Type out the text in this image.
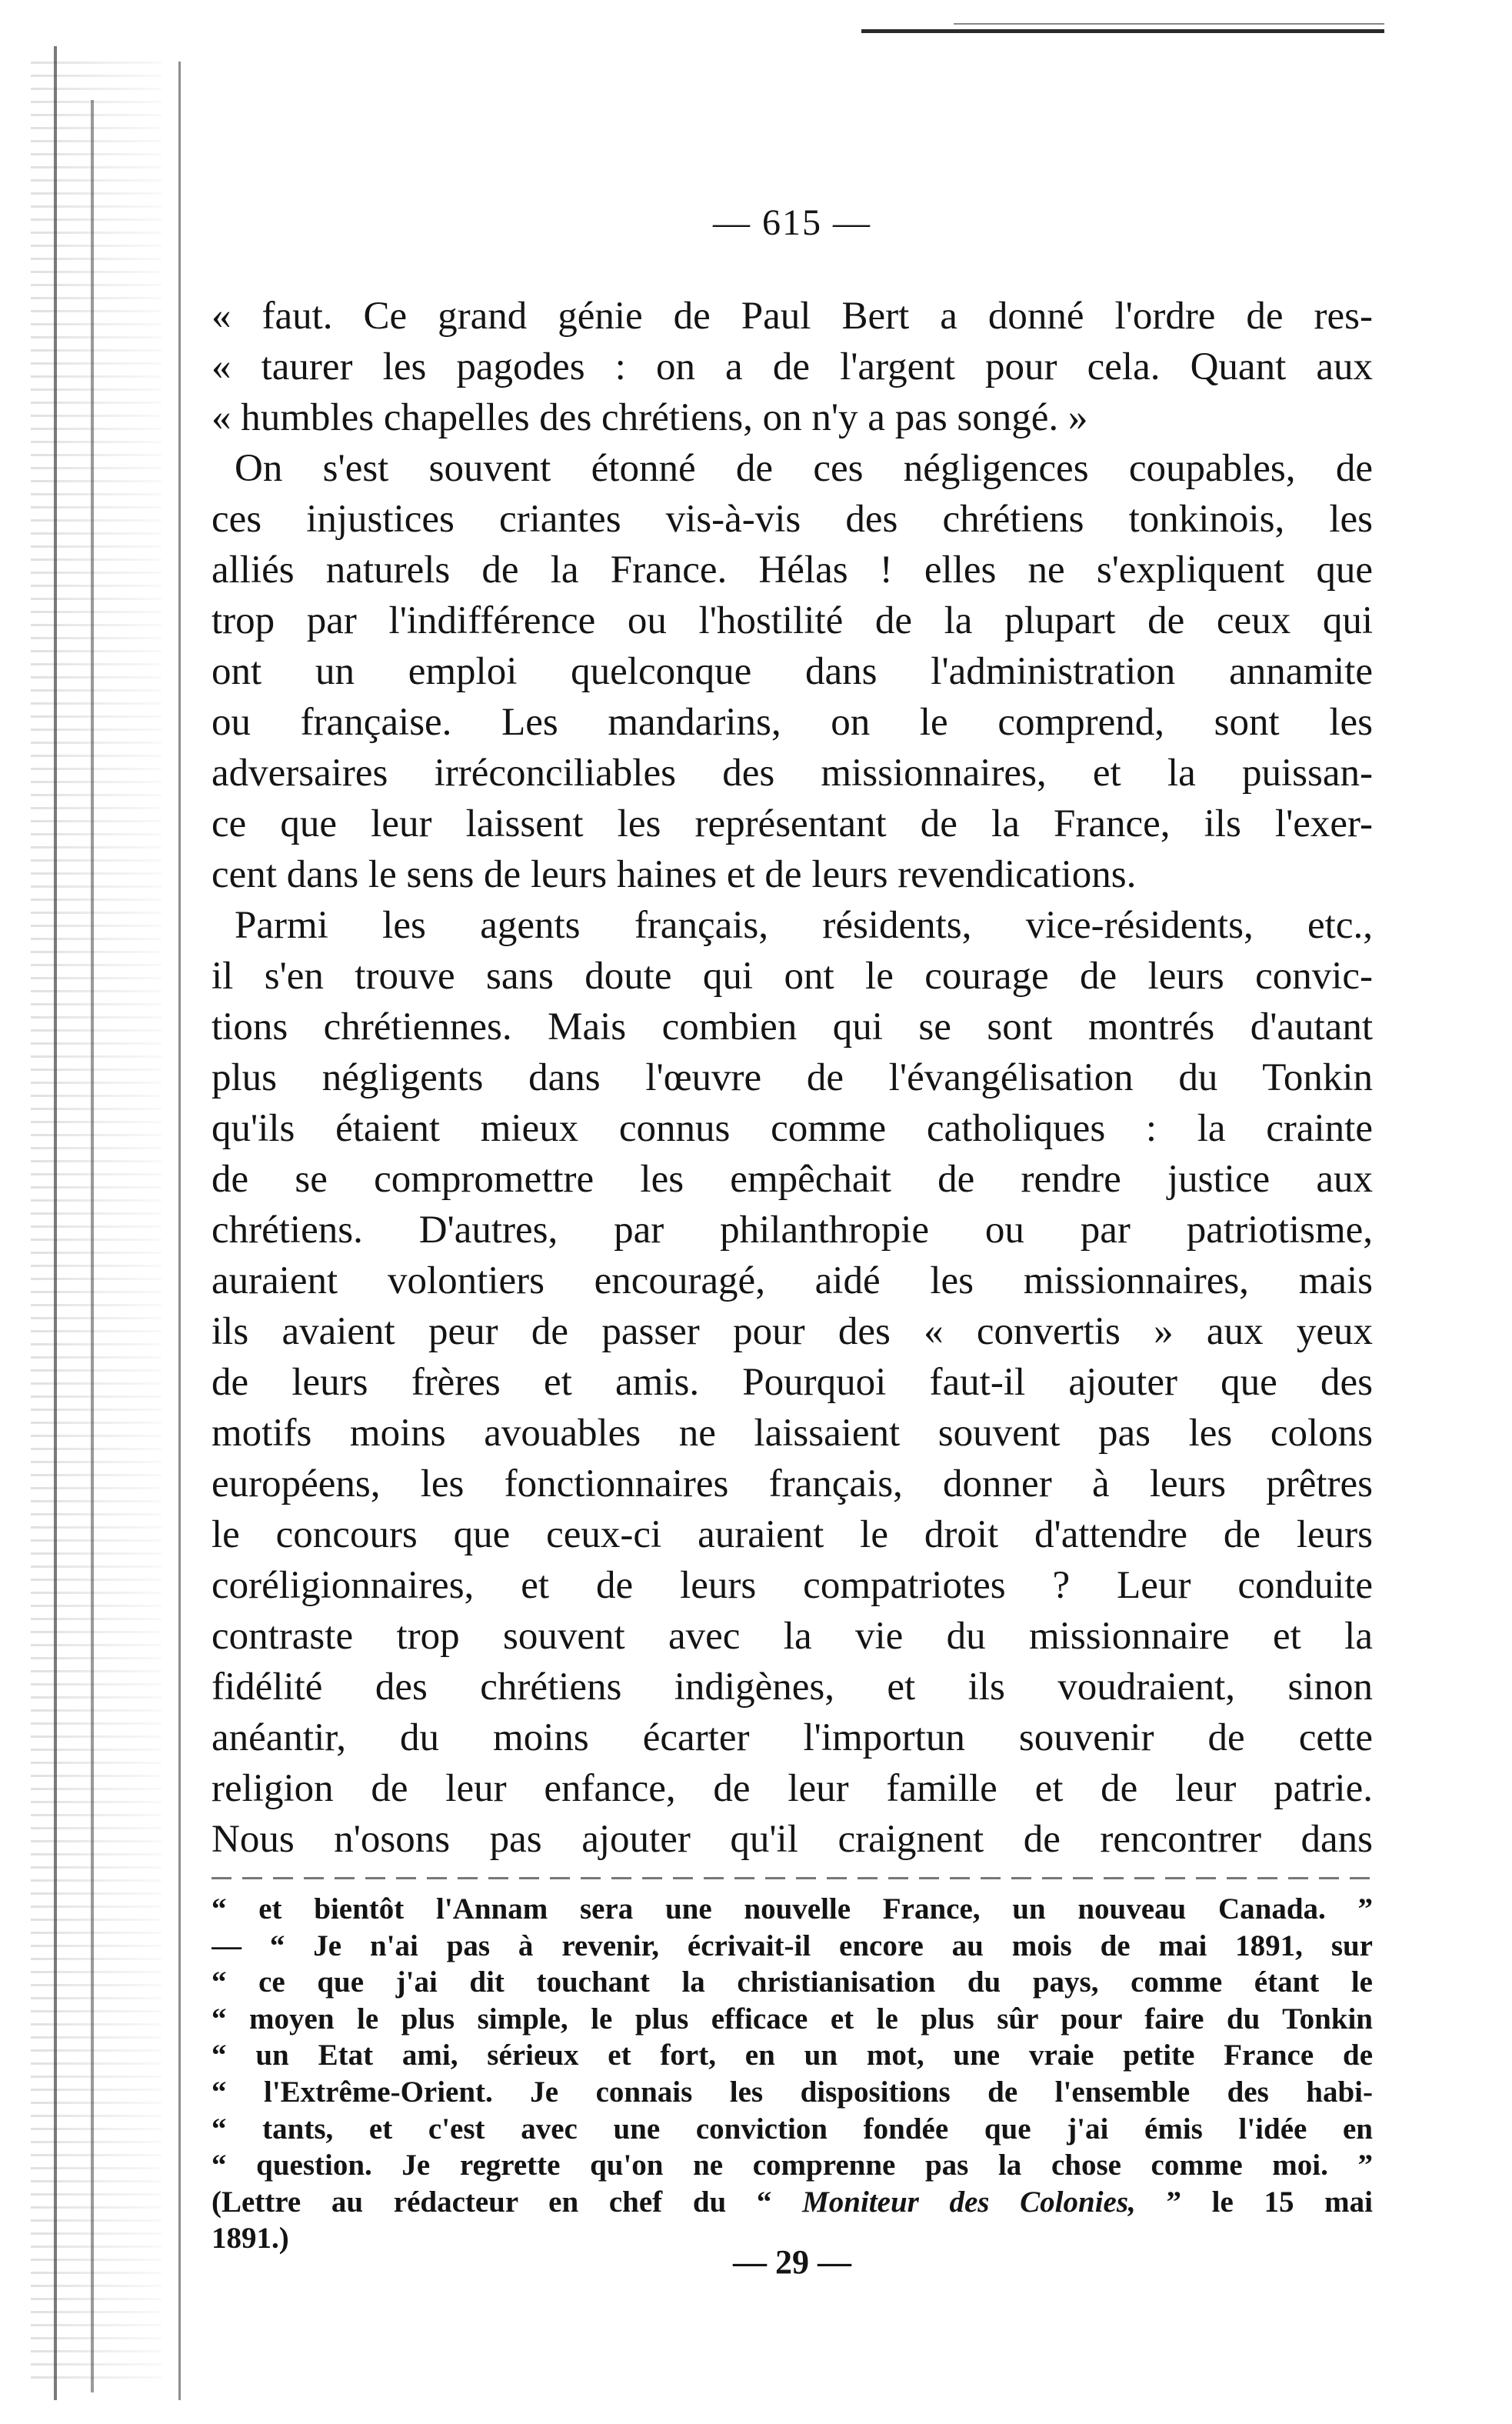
— 615 —
« faut. Ce grand génie de Paul Bert a donné l'ordre de res-
« taurer les pagodes : on a de l'argent pour cela. Quant aux
« humbles chapelles des chrétiens, on n'y a pas songé. »
On s'est souvent étonné de ces négligences coupables, de
ces injustices criantes vis-à-vis des chrétiens tonkinois, les
alliés naturels de la France. Hélas ! elles ne s'expliquent que
trop par l'indifférence ou l'hostilité de la plupart de ceux qui
ont un emploi quelconque dans l'administration annamite
ou française. Les mandarins, on le comprend, sont les
adversaires irréconciliables des missionnaires, et la puissan-
ce que leur laissent les représentant de la France, ils l'exer-
cent dans le sens de leurs haines et de leurs revendications.
Parmi les agents français, résidents, vice-résidents, etc.,
il s'en trouve sans doute qui ont le courage de leurs convic-
tions chrétiennes. Mais combien qui se sont montrés d'autant
plus négligents dans l'œuvre de l'évangélisation du Tonkin
qu'ils étaient mieux connus comme catholiques : la crainte
de se compromettre les empêchait de rendre justice aux
chrétiens. D'autres, par philanthropie ou par patriotisme,
auraient volontiers encouragé, aidé les missionnaires, mais
ils avaient peur de passer pour des « convertis » aux yeux
de leurs frères et amis. Pourquoi faut-il ajouter que des
motifs moins avouables ne laissaient souvent pas les colons
européens, les fonctionnaires français, donner à leurs prêtres
le concours que ceux-ci auraient le droit d'attendre de leurs
coréligionnaires, et de leurs compatriotes ? Leur conduite
contraste trop souvent avec la vie du missionnaire et la
fidélité des chrétiens indigènes, et ils voudraient, sinon
anéantir, du moins écarter l'importun souvenir de cette
religion de leur enfance, de leur famille et de leur patrie.
Nous n'osons pas ajouter qu'il craignent de rencontrer dans
“ et bientôt l'Annam sera une nouvelle France, un nouveau Canada. ”
— “ Je n'ai pas à revenir, écrivait-il encore au mois de mai 1891, sur
“ ce que j'ai dit touchant la christianisation du pays, comme étant le
“ moyen le plus simple, le plus efficace et le plus sûr pour faire du Tonkin
“ un Etat ami, sérieux et fort, en un mot, une vraie petite France de
“ l'Extrême-Orient. Je connais les dispositions de l'ensemble des habi-
“ tants, et c'est avec une conviction fondée que j'ai émis l'idée en
“ question. Je regrette qu'on ne comprenne pas la chose comme moi. ”
(Lettre au rédacteur en chef du “ Moniteur des Colonies, ” le 15 mai
1891.)
— 29 —
